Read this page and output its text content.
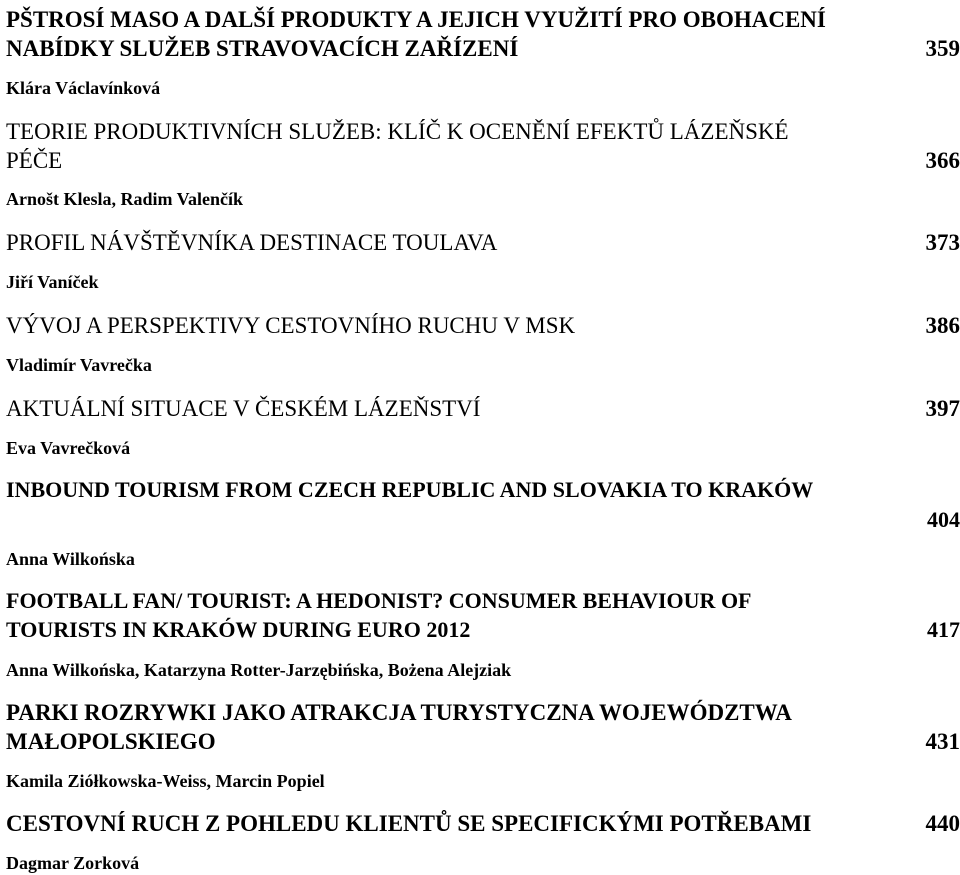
PŠTROSÍ MASO A DALŠÍ PRODUKTY A JEJICH VYUŽITÍ PRO OBOHACENÍ
NABÍDKY SLUŽEB STRAVOVACÍCH ZAŘÍZENÍ	359
Klára Václavínková
TEORIE PRODUKTIVNÍCH SLUŽEB: KLÍČ K OCENĚNÍ EFEKTŮ LÁZEŇSKÉ
PÉČE	366
Arnošt Klesla, Radim Valenčík
PROFIL NÁVŠTĚVNÍKA DESTINACE TOULAVA	373
Jiří Vaníček
VÝVOJ A PERSPEKTIVY CESTOVNÍHO RUCHU V MSK	386
Vladimír Vavrečka
AKTUÁLNÍ SITUACE V ČESKÉM LÁZEŇSTVÍ	397
Eva Vavrečková
INBOUND TOURISM FROM CZECH REPUBLIC AND SLOVAKIA TO KRAKÓW
404
Anna Wilkońska
FOOTBALL FAN/ TOURIST: A HEDONIST? CONSUMER BEHAVIOUR OF
TOURISTS IN KRAKÓW DURING EURO 2012	417
Anna Wilkońska, Katarzyna Rotter-Jarzębińska, Bożena Alejziak
PARKI ROZRYWKI JAKO ATRAKCJA TURYSTYCZNA WOJEWÓDZTWA
MAŁOPOLSKIEGO	431
Kamila Ziółkowska-Weiss, Marcin Popiel
CESTOVNÍ RUCH Z POHLEDU KLIENTŮ SE SPECIFICKÝMI POTŘEBAMI	440
Dagmar Zorková
